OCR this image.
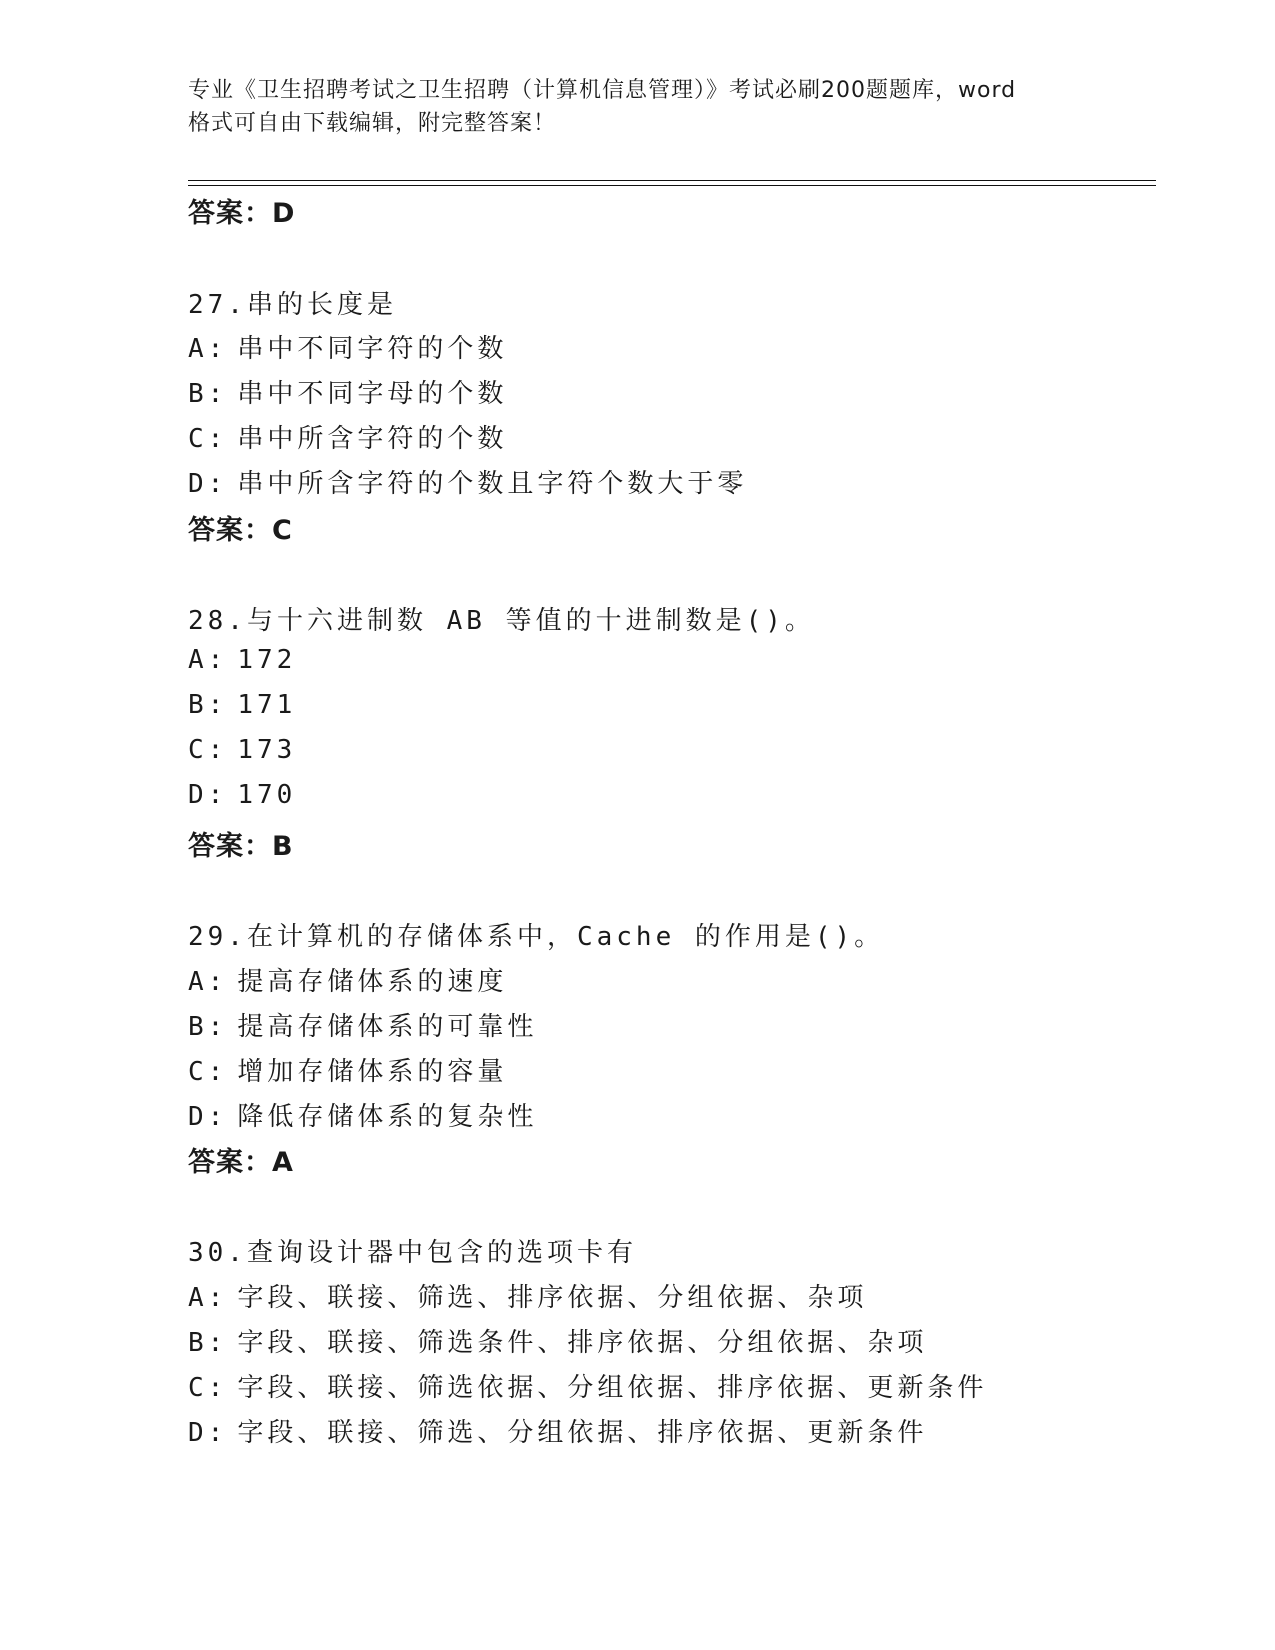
专业《卫生招聘考试之卫生招聘（计算机信息管理）》考试必刷200题题库，word
格式可自由下载编辑，附完整答案！
答案：D
27.串的长度是
A: 串中不同字符的个数
B: 串中不同字母的个数
C: 串中所含字符的个数
D: 串中所含字符的个数且字符个数大于零
答案：C
28.与十六进制数 AB 等值的十进制数是()。
A: 172
B: 171
C: 173
D: 170
答案：B
29.在计算机的存储体系中，Cache 的作用是()。
A: 提高存储体系的速度
B: 提高存储体系的可靠性
C: 增加存储体系的容量
D: 降低存储体系的复杂性
答案：A
30.查询设计器中包含的选项卡有
A: 字段、联接、筛选、排序依据、分组依据、杂项
B: 字段、联接、筛选条件、排序依据、分组依据、杂项
C: 字段、联接、筛选依据、分组依据、排序依据、更新条件
D: 字段、联接、筛选、分组依据、排序依据、更新条件
